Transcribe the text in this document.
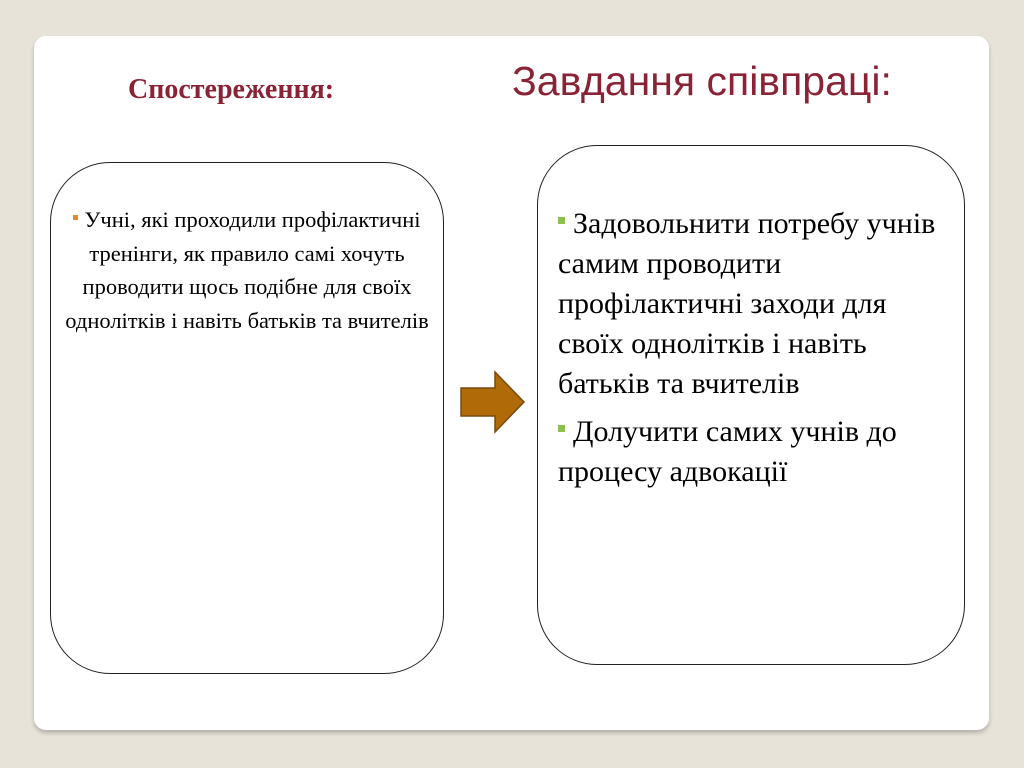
Спостереження:	Завдання співпраці:
Учні, які проходили профілактичні тренінги, як правило самі хочуть проводити щось подібне для своїх однолітків і навіть батьків та вчителів
Задовольнити потребу учнів самим проводити профілактичні заходи для своїх однолітків і навіть батьків та вчителів
Долучити самих учнів до процесу адвокації
